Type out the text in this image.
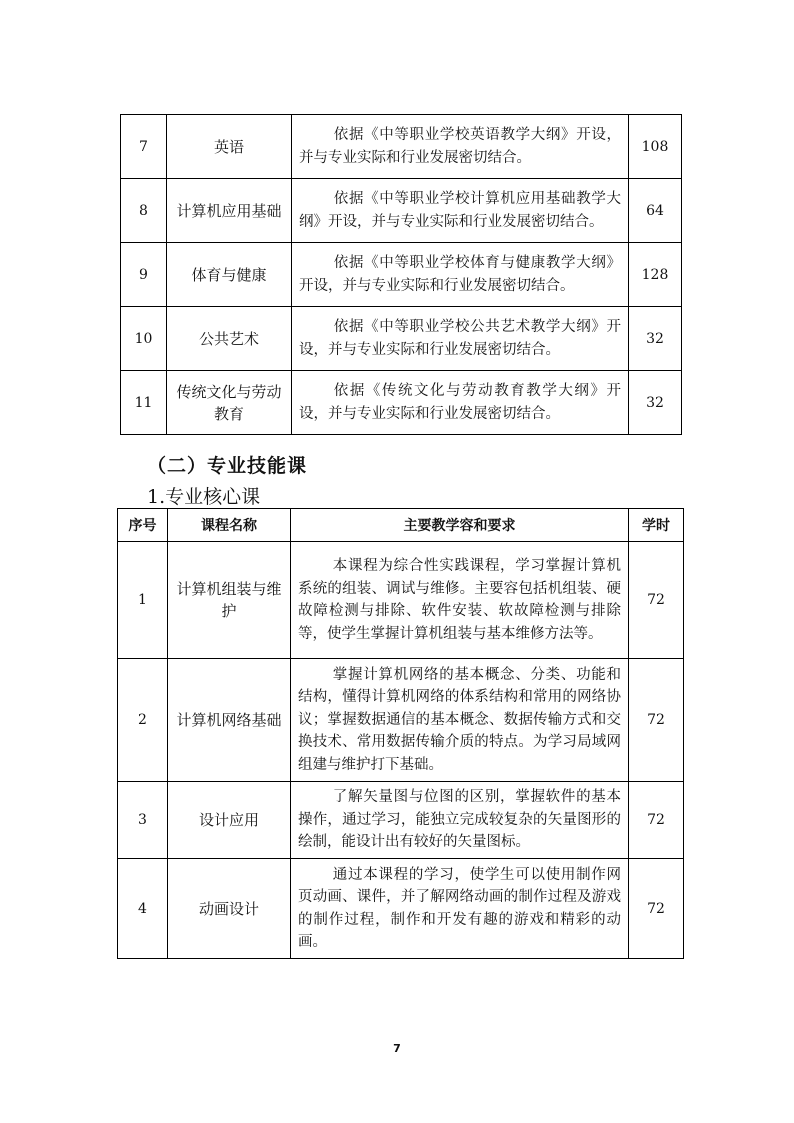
7	英语	依据《中等职业学校英语教学大纲》开设，并与专业实际和行业发展密切结合。	108
8	计算机应用基础	依据《中等职业学校计算机应用基础教学大纲》开设，并与专业实际和行业发展密切结合。	64
9	体育与健康	依据《中等职业学校体育与健康教学大纲》开设，并与专业实际和行业发展密切结合。	128
10	公共艺术	依据《中等职业学校公共艺术教学大纲》开设，并与专业实际和行业发展密切结合。	32
11	传统文化与劳动教育	依据《传统文化与劳动教育教学大纲》开设，并与专业实际和行业发展密切结合。	32
（二）专业技能课
1.专业核心课
序号	课程名称	主要教学容和要求	学时
1	计算机组装与维护	本课程为综合性实践课程，学习掌握计算机系统的组装、调试与维修。主要容包括机组装、硬故障检测与排除、软件安装、软故障检测与排除等，使学生掌握计算机组装与基本维修方法等。	72
2	计算机网络基础	掌握计算机网络的基本概念、分类、功能和结构，懂得计算机网络的体系结构和常用的网络协议；掌握数据通信的基本概念、数据传输方式和交换技术、常用数据传输介质的特点。为学习局域网组建与维护打下基础。	72
3	设计应用	了解矢量图与位图的区别，掌握软件的基本操作，通过学习，能独立完成较复杂的矢量图形的绘制，能设计出有较好的矢量图标。	72
4	动画设计	通过本课程的学习，使学生可以使用制作网页动画、课件，并了解网络动画的制作过程及游戏的制作过程，制作和开发有趣的游戏和精彩的动画。	72
7
